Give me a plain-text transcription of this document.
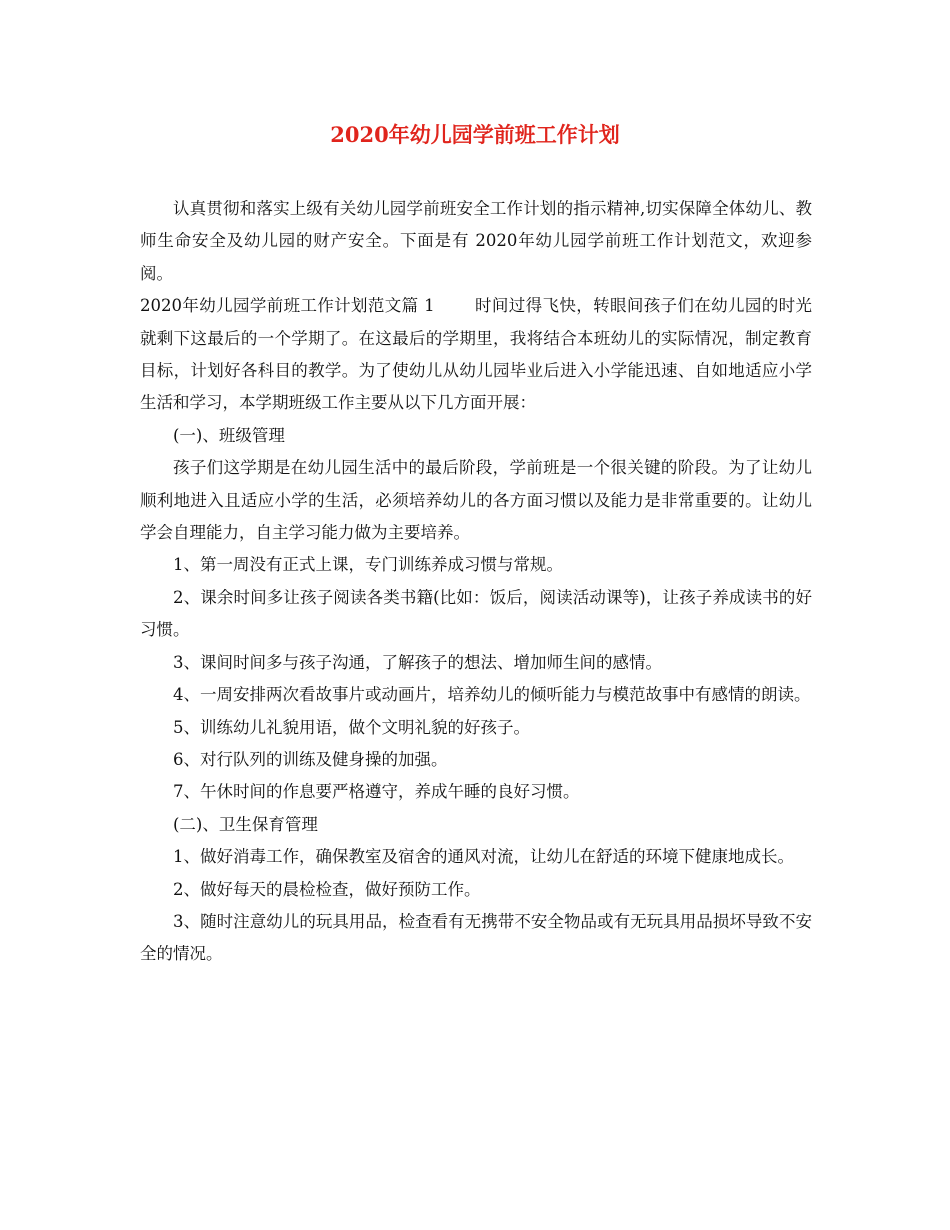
2020年幼儿园学前班工作计划

认真贯彻和落实上级有关幼儿园学前班安全工作计划的指示精神,切实保障全体幼儿、教师生命安全及幼儿园的财产安全。下面是有 2020年幼儿园学前班工作计划范文，欢迎参阅。

2020年幼儿园学前班工作计划范文篇 1 时间过得飞快，转眼间孩子们在幼儿园的时光就剩下这最后的一个学期了。在这最后的学期里，我将结合本班幼儿的实际情况，制定教育目标，计划好各科目的教学。为了使幼儿从幼儿园毕业后进入小学能迅速、自如地适应小学生活和学习，本学期班级工作主要从以下几方面开展：

(一)、班级管理

孩子们这学期是在幼儿园生活中的最后阶段，学前班是一个很关键的阶段。为了让幼儿顺利地进入且适应小学的生活，必须培养幼儿的各方面习惯以及能力是非常重要的。让幼儿学会自理能力，自主学习能力做为主要培养。

1、第一周没有正式上课，专门训练养成习惯与常规。

2、课余时间多让孩子阅读各类书籍(比如：饭后，阅读活动课等)，让孩子养成读书的好习惯。

3、课间时间多与孩子沟通，了解孩子的想法、增加师生间的感情。

4、一周安排两次看故事片或动画片，培养幼儿的倾听能力与模范故事中有感情的朗读。

5、训练幼儿礼貌用语，做个文明礼貌的好孩子。

6、对行队列的训练及健身操的加强。

7、午休时间的作息要严格遵守，养成午睡的良好习惯。

(二)、卫生保育管理

1、做好消毒工作，确保教室及宿舍的通风对流，让幼儿在舒适的环境下健康地成长。

2、做好每天的晨检检查，做好预防工作。

3、随时注意幼儿的玩具用品，检查看有无携带不安全物品或有无玩具用品损坏导致不安全的情况。
